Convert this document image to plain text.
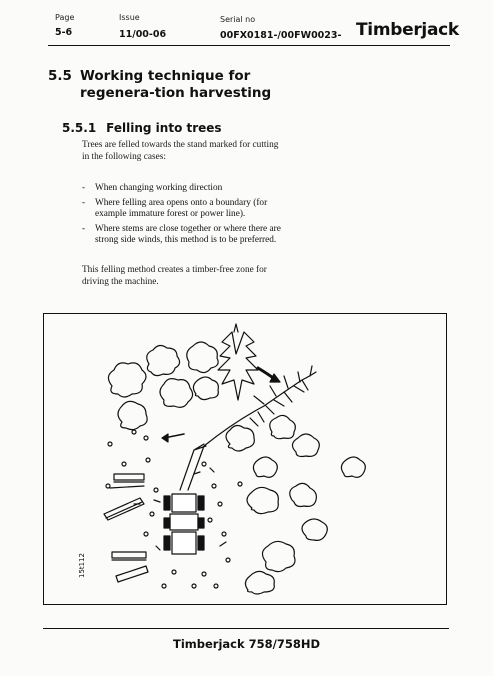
Page
5-6
Issue
11/00-06
Serial no
00FX0181-/00FW0023- Timberjack
5.5 Working technique for regenera-tion harvesting
5.5.1 Felling into trees

Trees are felled towards the stand marked for cutting in the following cases:

- When changing working direction
- Where felling area opens onto a boundary (for example immature forest or power line).
- Where stems are close together or where there are strong side winds, this method is to be preferred.

This felling method creates a timber-free zone for driving the machine.

15t112
Timberjack 758/758HD
